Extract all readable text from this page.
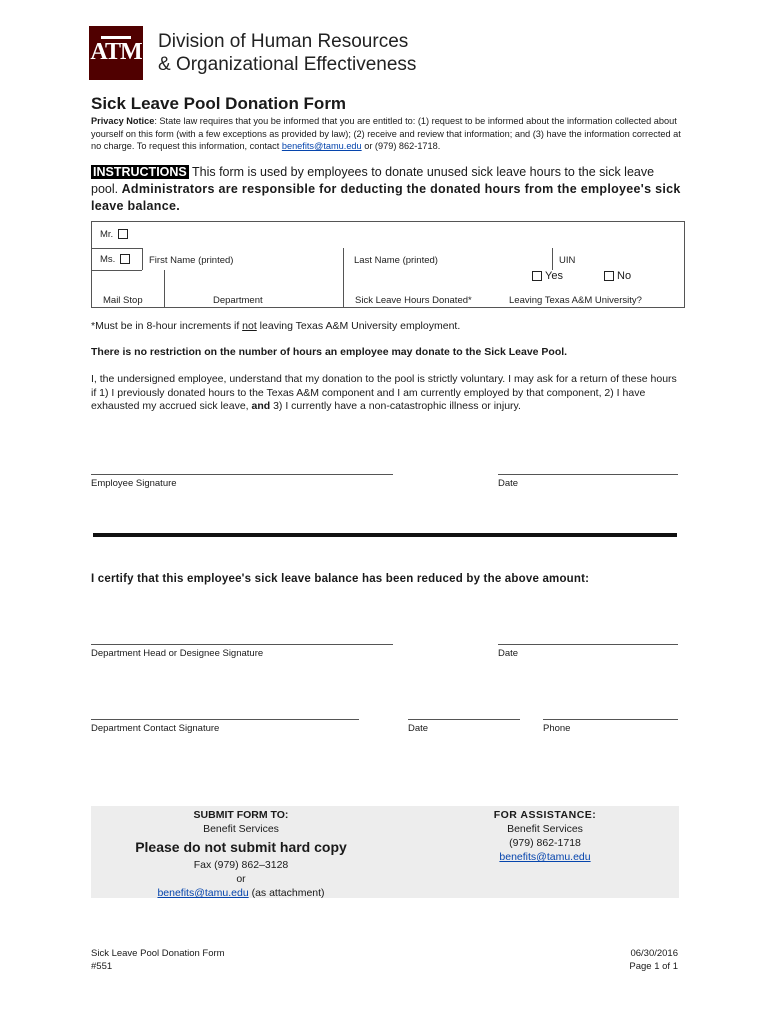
ATM Division of Human Resources
& Organizational Effectiveness
Sick Leave Pool Donation Form
Privacy Notice: State law requires that you be informed that you are entitled to: (1) request to be informed about the information collected about yourself on this form (with a few exceptions as provided by law); (2) receive and review that information; and (3) have the information corrected at no charge. To request this information, contact benefits@tamu.edu or (979) 862-1718.
INSTRUCTIONS This form is used by employees to donate unused sick leave hours to the sick leave pool. Administrators are responsible for deducting the donated hours from the employee's sick leave balance.
Mr.
Ms.	First Name (printed)	Last Name (printed)	UIN
Yes	No
Mail Stop	Department	Sick Leave Hours Donated*	Leaving Texas A&M University?
*Must be in 8-hour increments if not leaving Texas A&M University employment.
There is no restriction on the number of hours an employee may donate to the Sick Leave Pool.
I, the undersigned employee, understand that my donation to the pool is strictly voluntary. I may ask for a return of these hours if 1) I previously donated hours to the Texas A&M component and I am currently employed by that component, 2) I have exhausted my accrued sick leave, and 3) I currently have a non-catastrophic illness or injury.
Employee Signature	Date
I certify that this employee's sick leave balance has been reduced by the above amount:
Department Head or Designee Signature	Date
Department Contact Signature	Date	Phone
SUBMIT FORM TO:
Benefit Services
Please do not submit hard copy
Fax (979) 862–3128
or
benefits@tamu.edu (as attachment)
FOR ASSISTANCE:
Benefit Services
(979) 862-1718
benefits@tamu.edu
Sick Leave Pool Donation Form
#551
06/30/2016
Page 1 of 1
